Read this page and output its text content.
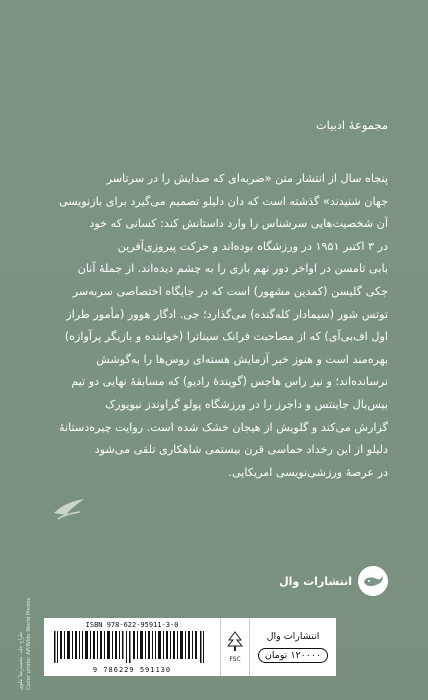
مجموعهٔ ادبیات
پنجاه سال از انتشار متن «ضربه‌ای که صدایش را در سرتاسر
جهان شنیدند» گذشته است که دان دلیلو تصمیم می‌گیرد برای بازنویسی
آن شخصیت‌هایی سرشناس را وارد داستانش کند: کسانی که خود
در ۳ اکتبر ۱۹۵۱ در ورزشگاه بوده‌اند و حرکت پیروزی‌آفرین
بابی تامسن در اواخر دور نهم بازی را به چشم دیده‌اند. از جملهٔ آنان
جکی گلیسن (کمدین مشهور) است که در جایگاه اختصاصی سربه‌سر
توتس شور (سیمادار کله‌گنده) می‌گذارد؛ جی. ادگار هوور (مأمور طراز
اول اف‌بی‌آی) که از مصاحبت فرانک سیناترا (خواننده و بازیگر پرآوازه)
بهره‌مند است و هنوز خبر آزمایش هسته‌ای روس‌ها را به‌گوشش
نرسانده‌اند؛ و نیز راس هاجس (گویندهٔ رادیو) که مسابقهٔ نهایی دو تیم
بیس‌بال جاینتس و داجرز را در ورزشگاه پولو گراوندز نیویورک
گزارش می‌کند و گلویش از هیجان خشک شده است. روایت چیره‌دستانهٔ
دلیلو از این رخداد حماسی قرن بیستمی شاهکاری تلقی می‌شود
در عرصهٔ ورزشی‌نویسی امریکایی.
انتشارات وال
طراح جلد: محمدرضا علوی Cover photo: AP/Wide World Photos	ISBN 978-622-95911-3-0
9 786229 591130
FSC
انتشارات وال
۱۲۰۰۰۰ تومان
